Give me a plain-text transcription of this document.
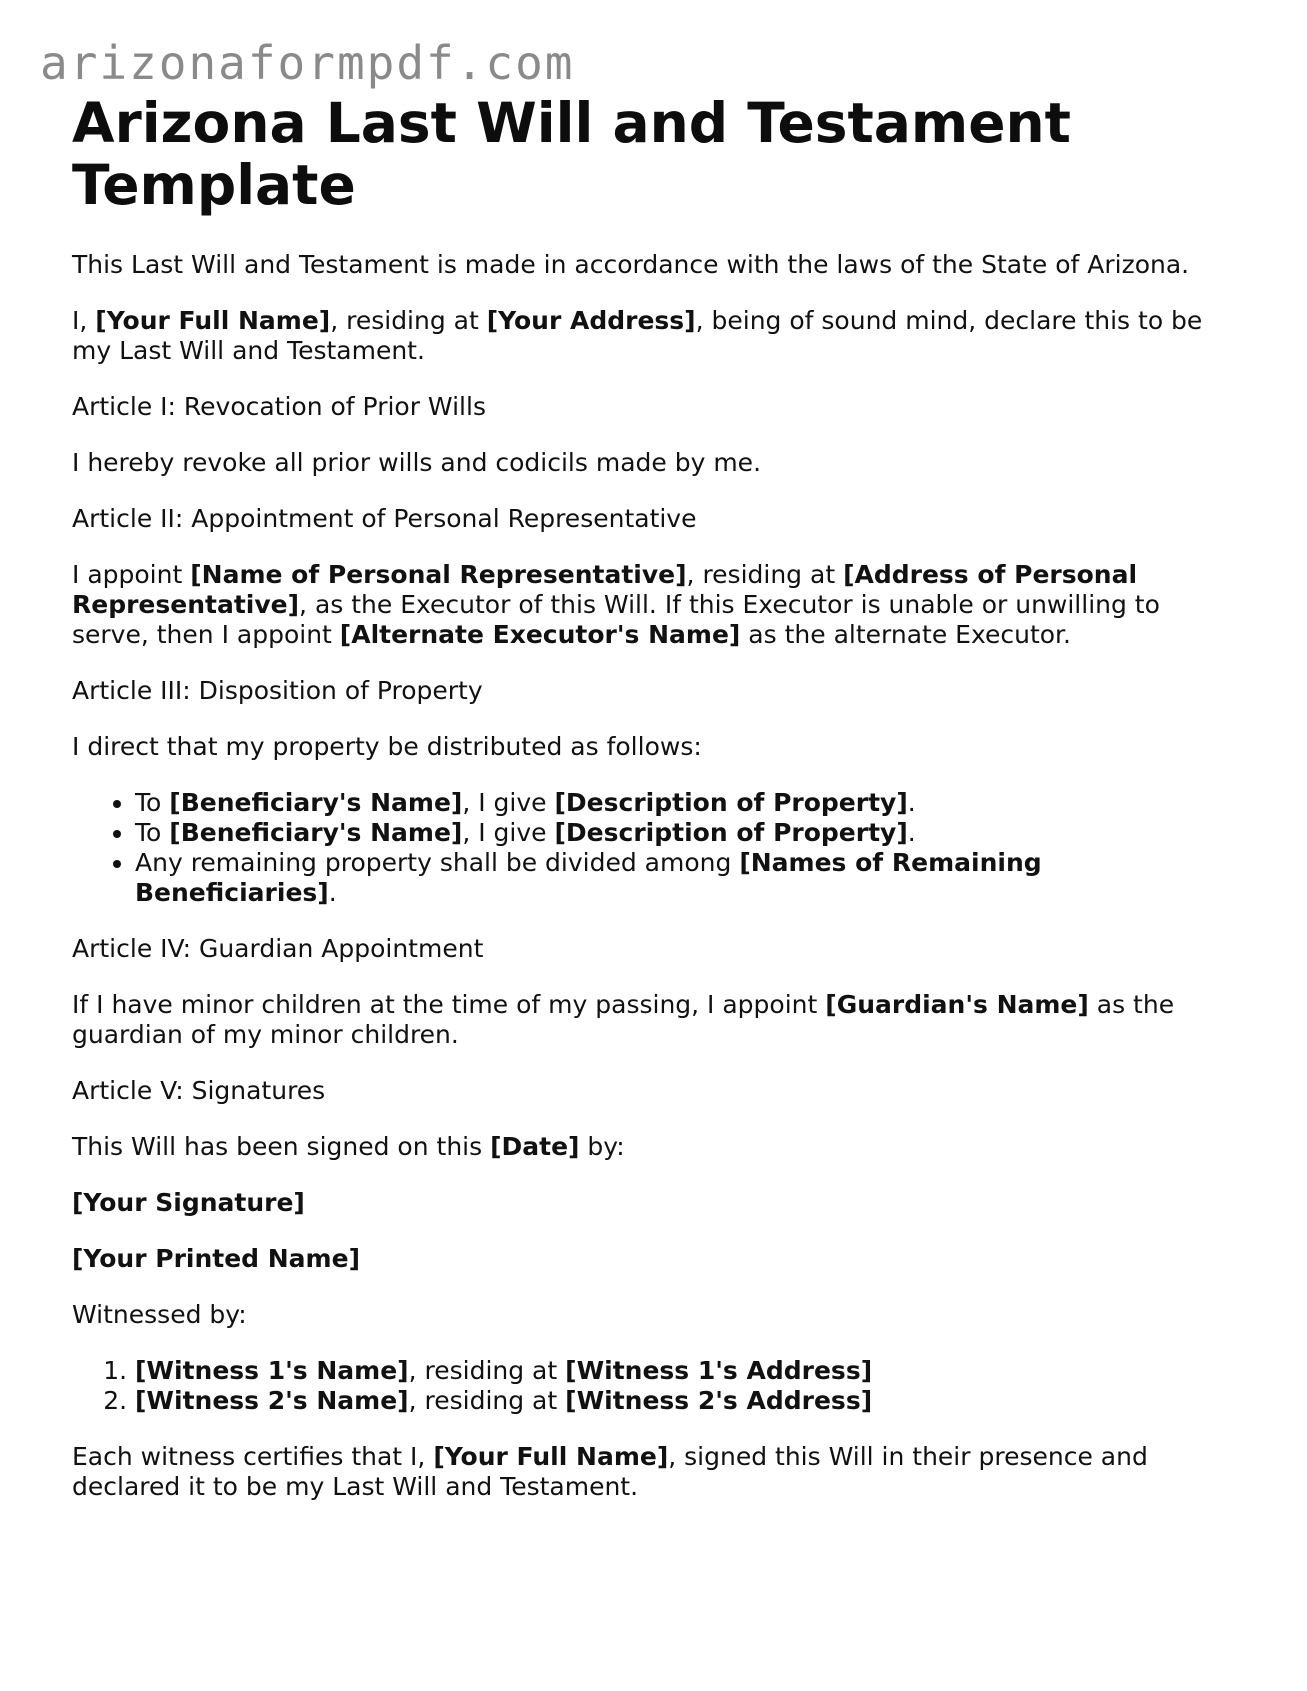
arizonaformpdf.com
Arizona Last Will and Testament Template

This Last Will and Testament is made in accordance with the laws of the State of Arizona.

I, [Your Full Name], residing at [Your Address], being of sound mind, declare this to be my Last Will and Testament.

Article I: Revocation of Prior Wills

I hereby revoke all prior wills and codicils made by me.

Article II: Appointment of Personal Representative

I appoint [Name of Personal Representative], residing at [Address of Personal Representative], as the Executor of this Will. If this Executor is unable or unwilling to serve, then I appoint [Alternate Executor's Name] as the alternate Executor.

Article III: Disposition of Property

I direct that my property be distributed as follows:

• To [Beneficiary's Name], I give [Description of Property].
• To [Beneficiary's Name], I give [Description of Property].
• Any remaining property shall be divided among [Names of Remaining Beneficiaries].

Article IV: Guardian Appointment

If I have minor children at the time of my passing, I appoint [Guardian's Name] as the guardian of my minor children.

Article V: Signatures

This Will has been signed on this [Date] by:

[Your Signature]

[Your Printed Name]

Witnessed by:

1. [Witness 1's Name], residing at [Witness 1's Address]
2. [Witness 2's Name], residing at [Witness 2's Address]

Each witness certifies that I, [Your Full Name], signed this Will in their presence and declared it to be my Last Will and Testament.
